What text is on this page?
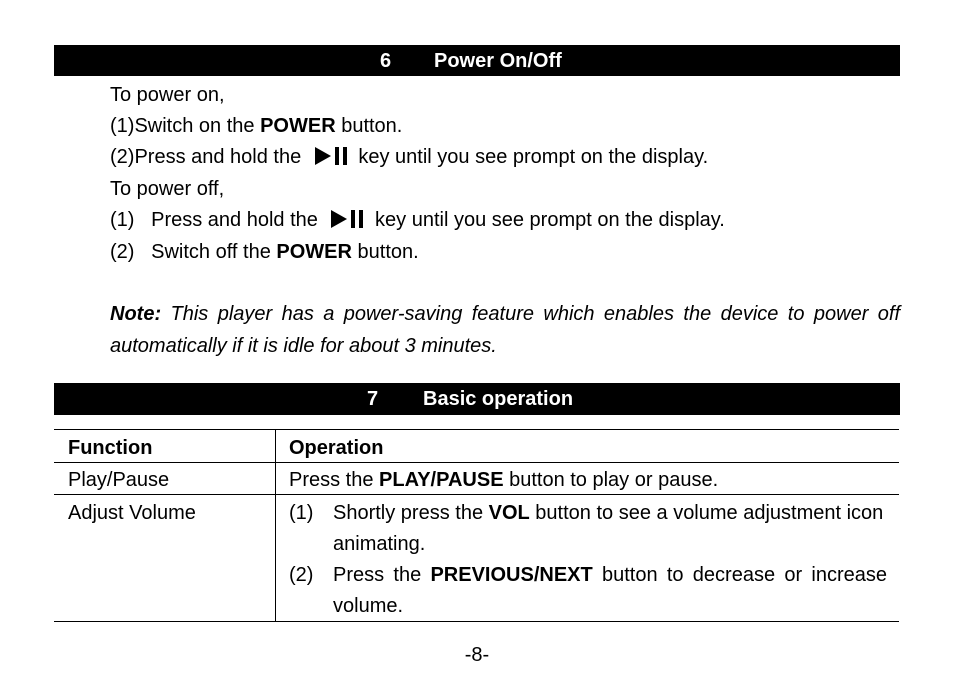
6 Power On/Off
To power on,
(1)Switch on the POWER button.
(2)Press and hold the  key until you see prompt on the display.
To power off,
(1) Press and hold the  key until you see prompt on the display.
(2) Switch off the POWER button.
Note: This player has a power-saving feature which enables the device to power off automatically if it is idle for about 3 minutes.
7 Basic operation
Function	Operation
Play/Pause	Press the PLAY/PAUSE button to play or pause.
Adjust Volume	(1) Shortly press the VOL button to see a volume adjustment icon animating.
(2) Press the PREVIOUS/NEXT button to decrease or increase volume.
-8-
